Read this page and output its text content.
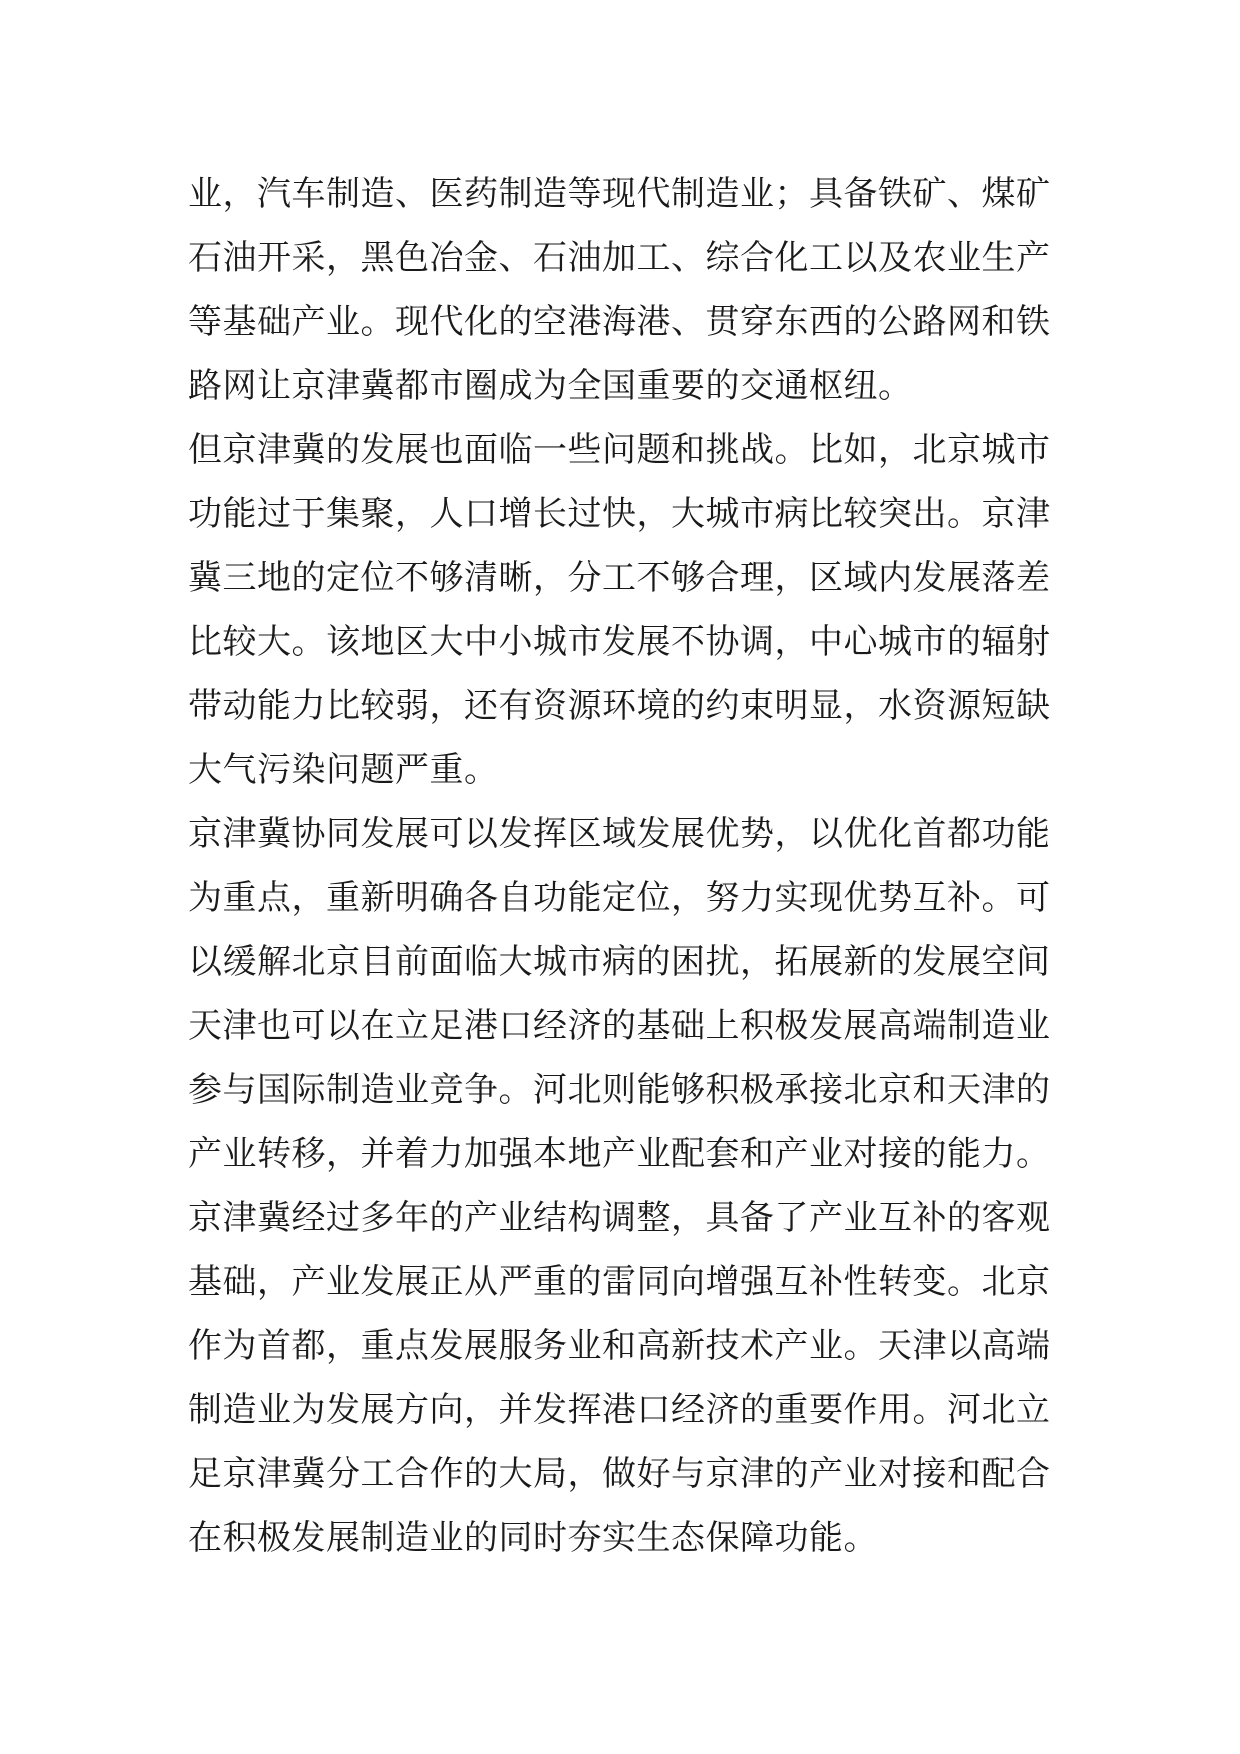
业，汽车制造、医药制造等现代制造业；具备铁矿、煤矿
石油开采，黑色冶金、石油加工、综合化工以及农业生产
等基础产业。现代化的空港海港、贯穿东西的公路网和铁
路网让京津冀都市圈成为全国重要的交通枢纽。
但京津冀的发展也面临一些问题和挑战。比如，北京城市
功能过于集聚，人口增长过快，大城市病比较突出。京津
冀三地的定位不够清晰，分工不够合理，区域内发展落差
比较大。该地区大中小城市发展不协调，中心城市的辐射
带动能力比较弱，还有资源环境的约束明显，水资源短缺
大气污染问题严重。
京津冀协同发展可以发挥区域发展优势，以优化首都功能
为重点，重新明确各自功能定位，努力实现优势互补。可
以缓解北京目前面临大城市病的困扰，拓展新的发展空间
天津也可以在立足港口经济的基础上积极发展高端制造业
参与国际制造业竞争。河北则能够积极承接北京和天津的
产业转移，并着力加强本地产业配套和产业对接的能力。
京津冀经过多年的产业结构调整，具备了产业互补的客观
基础，产业发展正从严重的雷同向增强互补性转变。北京
作为首都，重点发展服务业和高新技术产业。天津以高端
制造业为发展方向，并发挥港口经济的重要作用。河北立
足京津冀分工合作的大局，做好与京津的产业对接和配合
在积极发展制造业的同时夯实生态保障功能。
